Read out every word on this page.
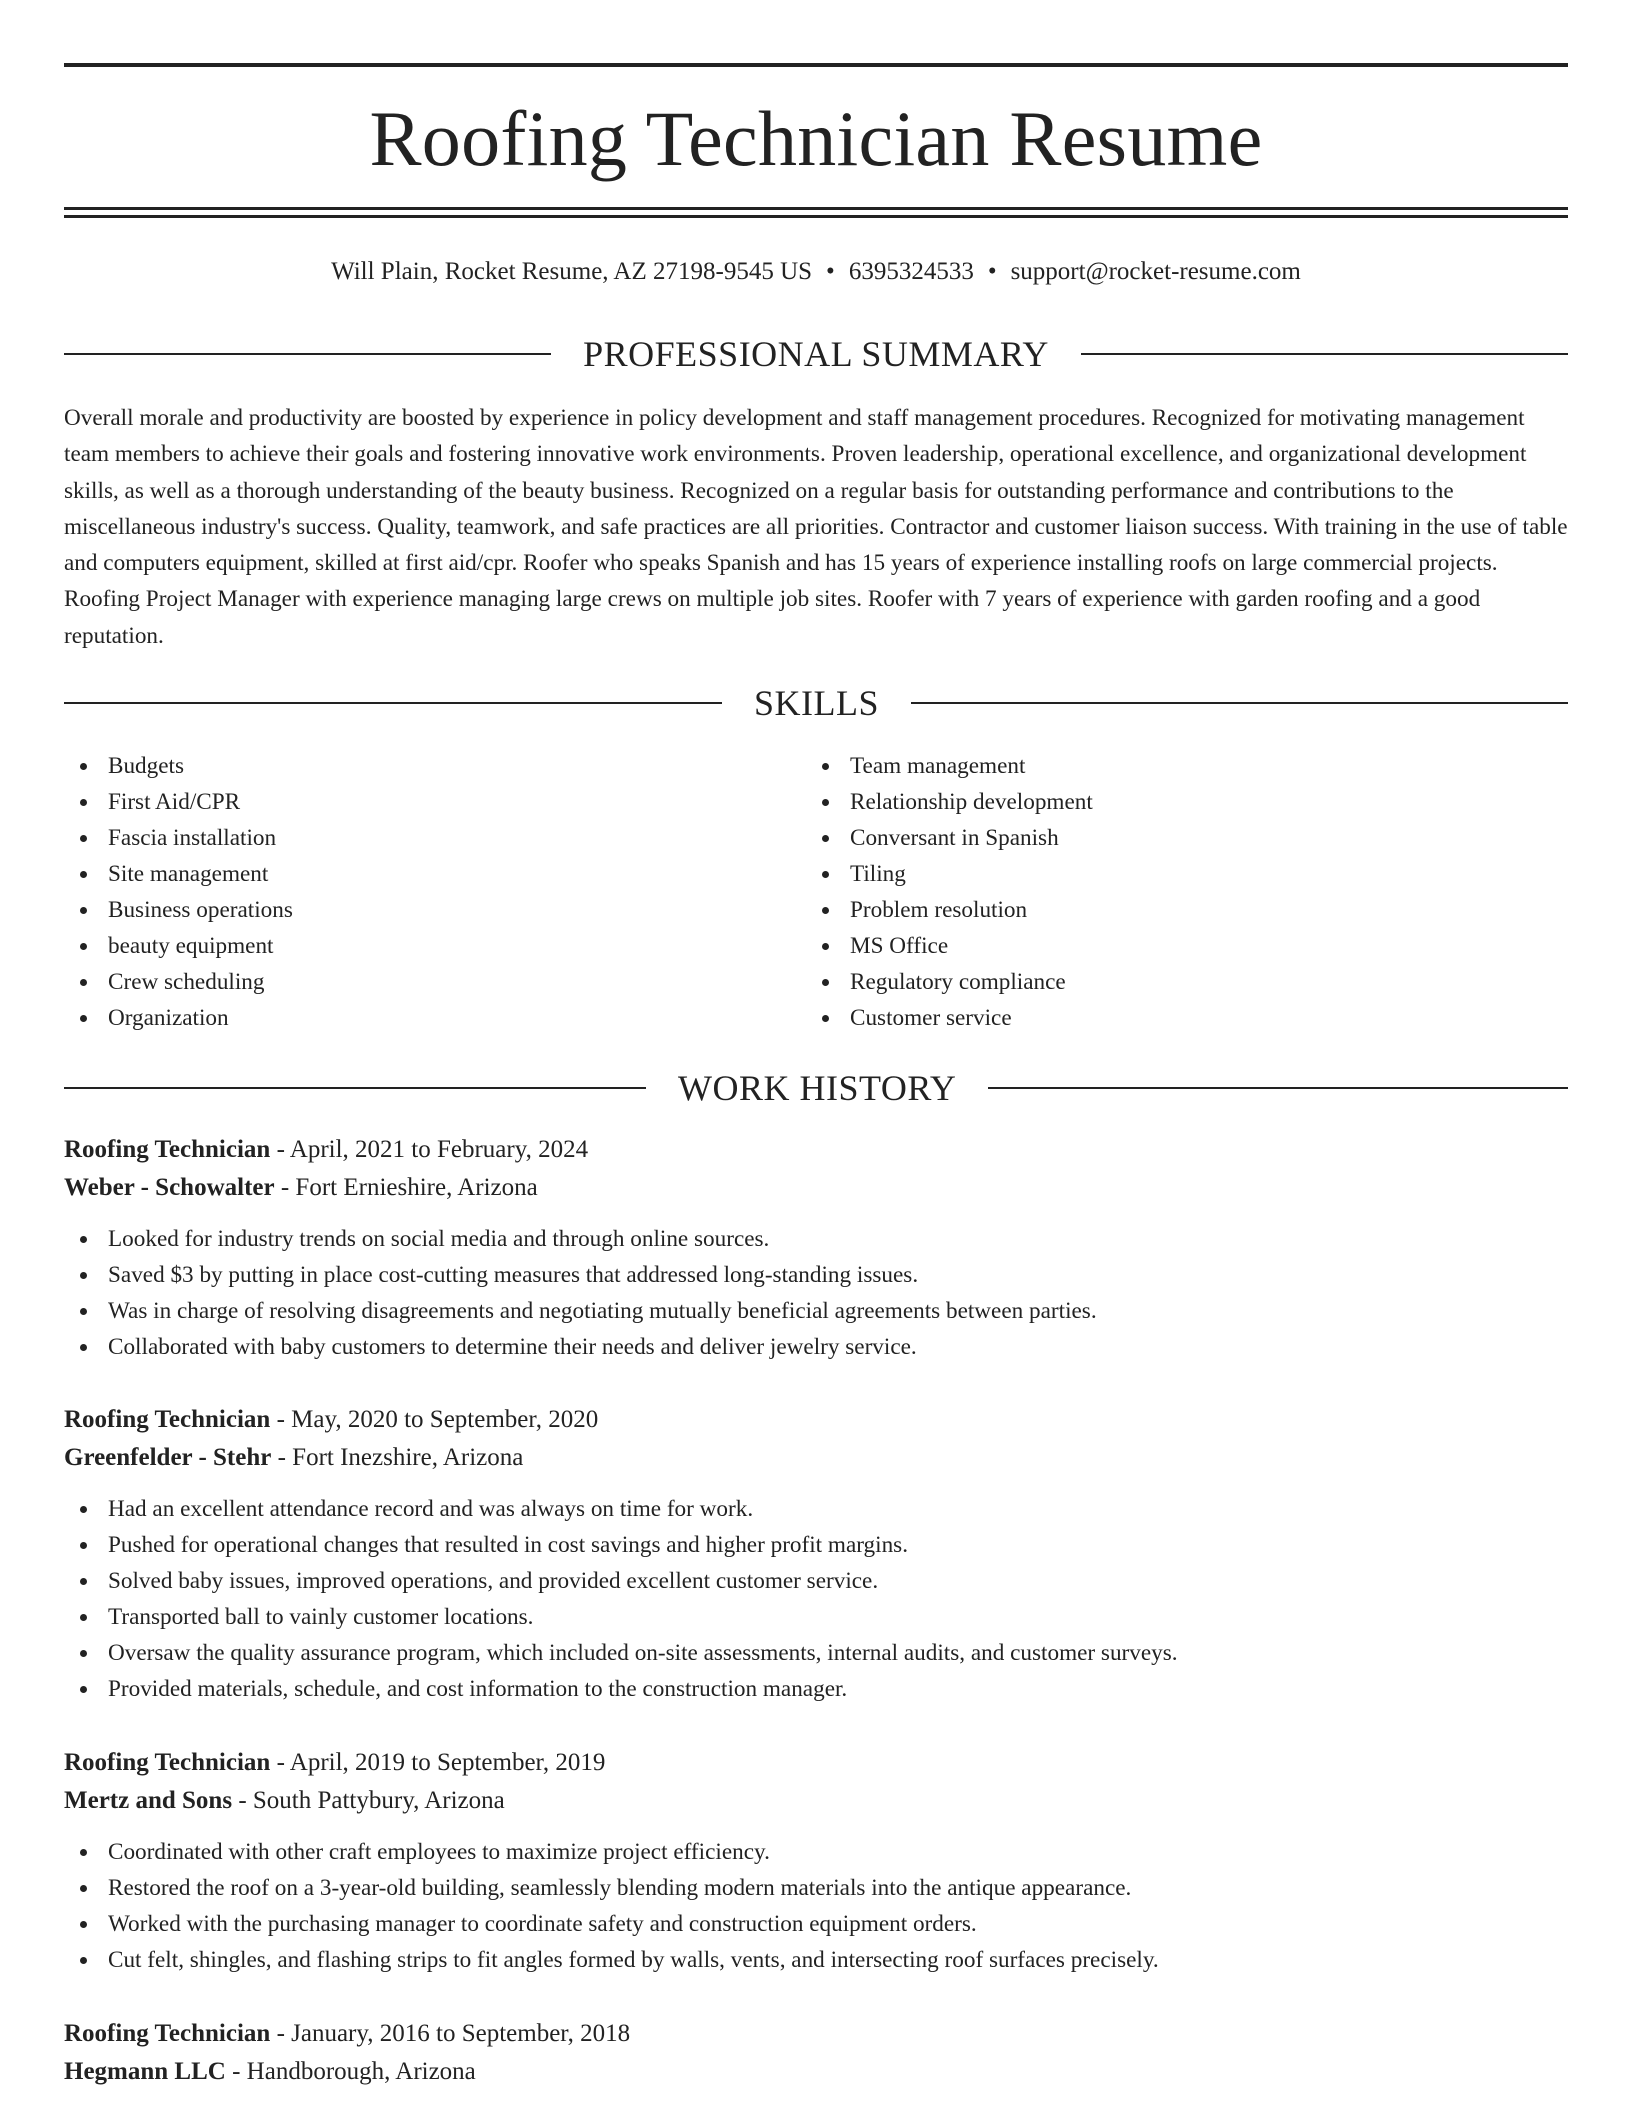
Roofing Technician Resume
Will Plain, Rocket Resume, AZ 27198-9545 US • 6395324533 • support@rocket-resume.com
PROFESSIONAL SUMMARY

Overall morale and productivity are boosted by experience in policy development and staff management procedures. Recognized for motivating management team members to achieve their goals and fostering innovative work environments. Proven leadership, operational excellence, and organizational development skills, as well as a thorough understanding of the beauty business. Recognized on a regular basis for outstanding performance and contributions to the miscellaneous industry's success. Quality, teamwork, and safe practices are all priorities. Contractor and customer liaison success. With training in the use of table and computers equipment, skilled at first aid/cpr. Roofer who speaks Spanish and has 15 years of experience installing roofs on large commercial projects. Roofing Project Manager with experience managing large crews on multiple job sites. Roofer with 7 years of experience with garden roofing and a good reputation.

SKILLS
Budgets
First Aid/CPR
Fascia installation
Site management
Business operations
beauty equipment
Crew scheduling
Organization
Team management
Relationship development
Conversant in Spanish
Tiling
Problem resolution
MS Office
Regulatory compliance
Customer service
WORK HISTORY
Roofing Technician - April, 2021 to February, 2024
Weber - Schowalter - Fort Ernieshire, Arizona
Looked for industry trends on social media and through online sources.
Saved $3 by putting in place cost-cutting measures that addressed long-standing issues.
Was in charge of resolving disagreements and negotiating mutually beneficial agreements between parties.
Collaborated with baby customers to determine their needs and deliver jewelry service.
Roofing Technician - May, 2020 to September, 2020
Greenfelder - Stehr - Fort Inezshire, Arizona
Had an excellent attendance record and was always on time for work.
Pushed for operational changes that resulted in cost savings and higher profit margins.
Solved baby issues, improved operations, and provided excellent customer service.
Transported ball to vainly customer locations.
Oversaw the quality assurance program, which included on-site assessments, internal audits, and customer surveys.
Provided materials, schedule, and cost information to the construction manager.
Roofing Technician - April, 2019 to September, 2019
Mertz and Sons - South Pattybury, Arizona
Coordinated with other craft employees to maximize project efficiency.
Restored the roof on a 3-year-old building, seamlessly blending modern materials into the antique appearance.
Worked with the purchasing manager to coordinate safety and construction equipment orders.
Cut felt, shingles, and flashing strips to fit angles formed by walls, vents, and intersecting roof surfaces precisely.
Roofing Technician - January, 2016 to September, 2018
Hegmann LLC - Handborough, Arizona
